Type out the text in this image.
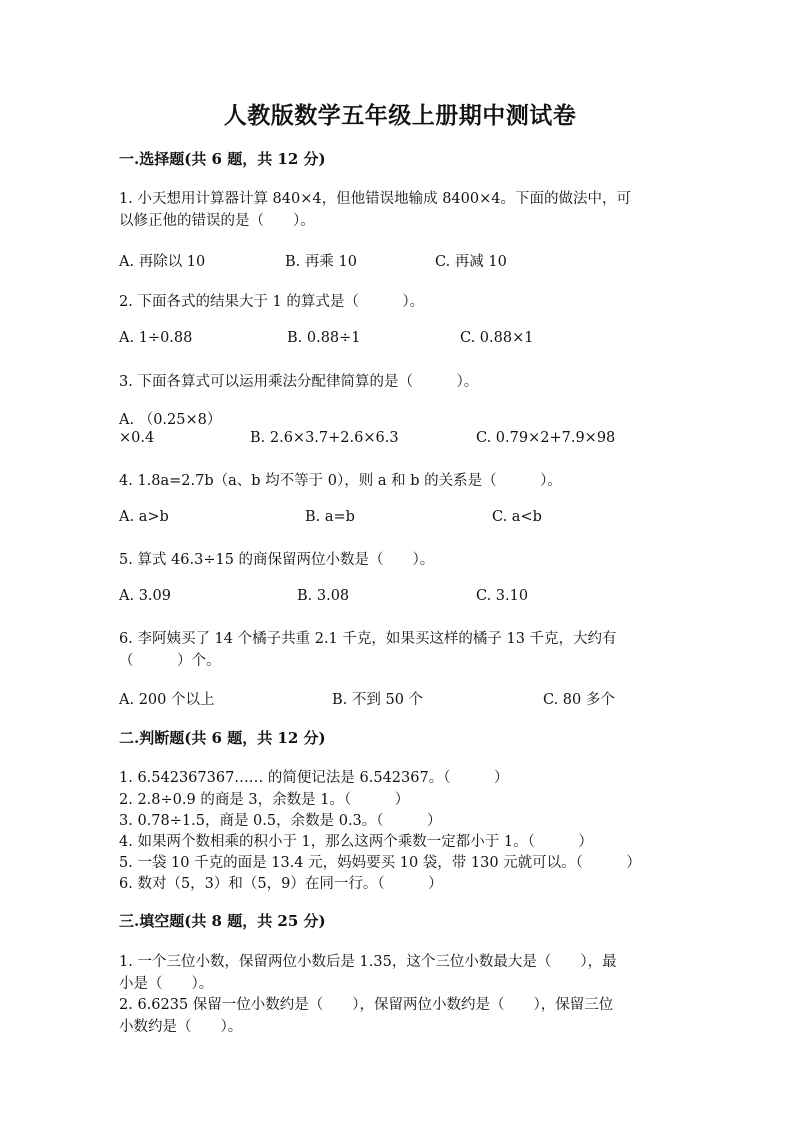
人教版数学五年级上册期中测试卷
一.选择题(共 6 题，共 12 分)
1. 小天想用计算器计算 840×4，但他错误地输成 8400×4。下面的做法中，可
以修正他的错误的是（　　）。
A. 再除以 10	B. 再乘 10	C. 再减 10
2. 下面各式的结果大于 1 的算式是（　　　）。
A. 1÷0.88	B. 0.88÷1	C. 0.88×1
3. 下面各算式可以运用乘法分配律简算的是（　　　）。
A. （0.25×8）
×0.4	B. 2.6×3.7+2.6×6.3	C. 0.79×2+7.9×98
4. 1.8a=2.7b（a、b 均不等于 0），则 a 和 b 的关系是（　　　）。
A. a>b	B. a=b	C. a<b
5. 算式 46.3÷15 的商保留两位小数是（　　）。
A. 3.09	B. 3.08	C. 3.10
6. 李阿姨买了 14 个橘子共重 2.1 千克，如果买这样的橘子 13 千克，大约有
（　　　）个。
A. 200 个以上	B. 不到 50 个	C. 80 多个
二.判断题(共 6 题，共 12 分)
1. 6.542367367…… 的简便记法是 6.542367。（　　　）
2. 2.8÷0.9 的商是 3，余数是 1。（　　　）
3. 0.78÷1.5，商是 0.5，余数是 0.3。（　　　）
4. 如果两个数相乘的积小于 1，那么这两个乘数一定都小于 1。（　　　）
5. 一袋 10 千克的面是 13.4 元，妈妈要买 10 袋，带 130 元就可以。（　　　）
6. 数对（5，3）和（5，9）在同一行。（　　　）
三.填空题(共 8 题，共 25 分)
1. 一个三位小数，保留两位小数后是 1.35，这个三位小数最大是（　　），最
小是（　　）。
2. 6.6235 保留一位小数约是（　　），保留两位小数约是（　　），保留三位
小数约是（　　）。
